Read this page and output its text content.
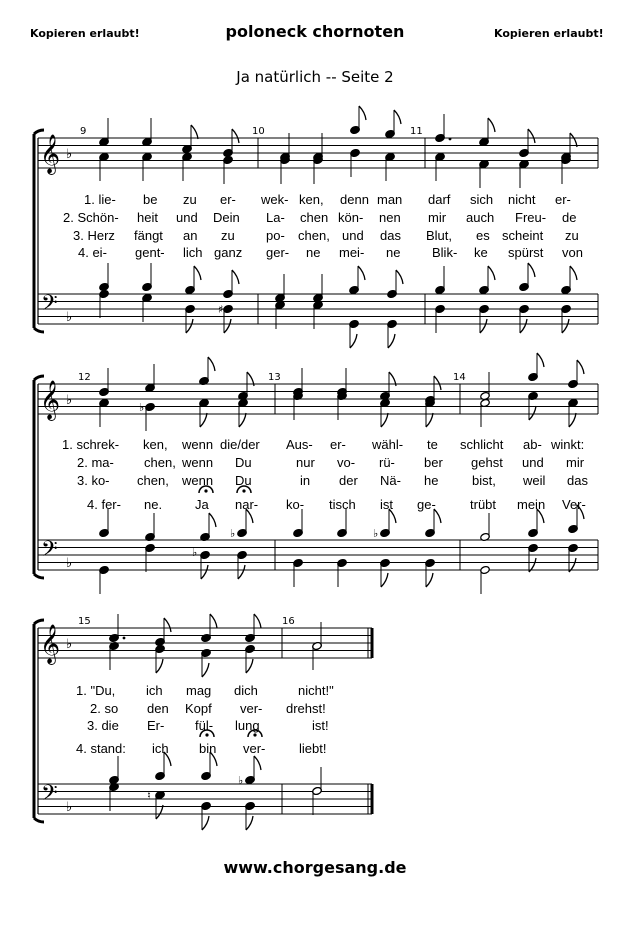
Kopieren erlaubt!	poloneck chornoten	Kopieren erlaubt!
Ja natürlich -- Seite 2
www.chorgesang.de
𝄞
𝄢
♭
♭
9	10	11
𝄞
𝄢
♭
♭
12	13	14
𝄞
𝄢
♭
♭
15	16
♯
♭
♭
♭	♭
♮
♭
1. lie- be zu er- wek- ken, denn man darf sich nicht er-
2. Schön- heit und Dein La- chen kön- nen mir auch Freu- de
3. Herz fängt an zu po- chen, und das Blut, es scheint zu
4. ei- gent- lich ganz ger- ne mei- ne Blik- ke spürst von
1. schrek- ken, wenn die/der Aus- er- wähl- te schlicht ab- winkt:
2. ma- chen, wenn Du	nur vo- rü- ber gehst und mir
3. ko- chen, wenn Du	in der Nä- he	bist, weil das
4. fer- ne.	Ja nar- ko- tisch ist ge-	trübt mein Ver-
1. "Du, ich mag dich	nicht!"
2. so den Kopf ver- drehst!
3. die Er- fül- lung	ist!
4. stand: ich bin ver-	liebt!
